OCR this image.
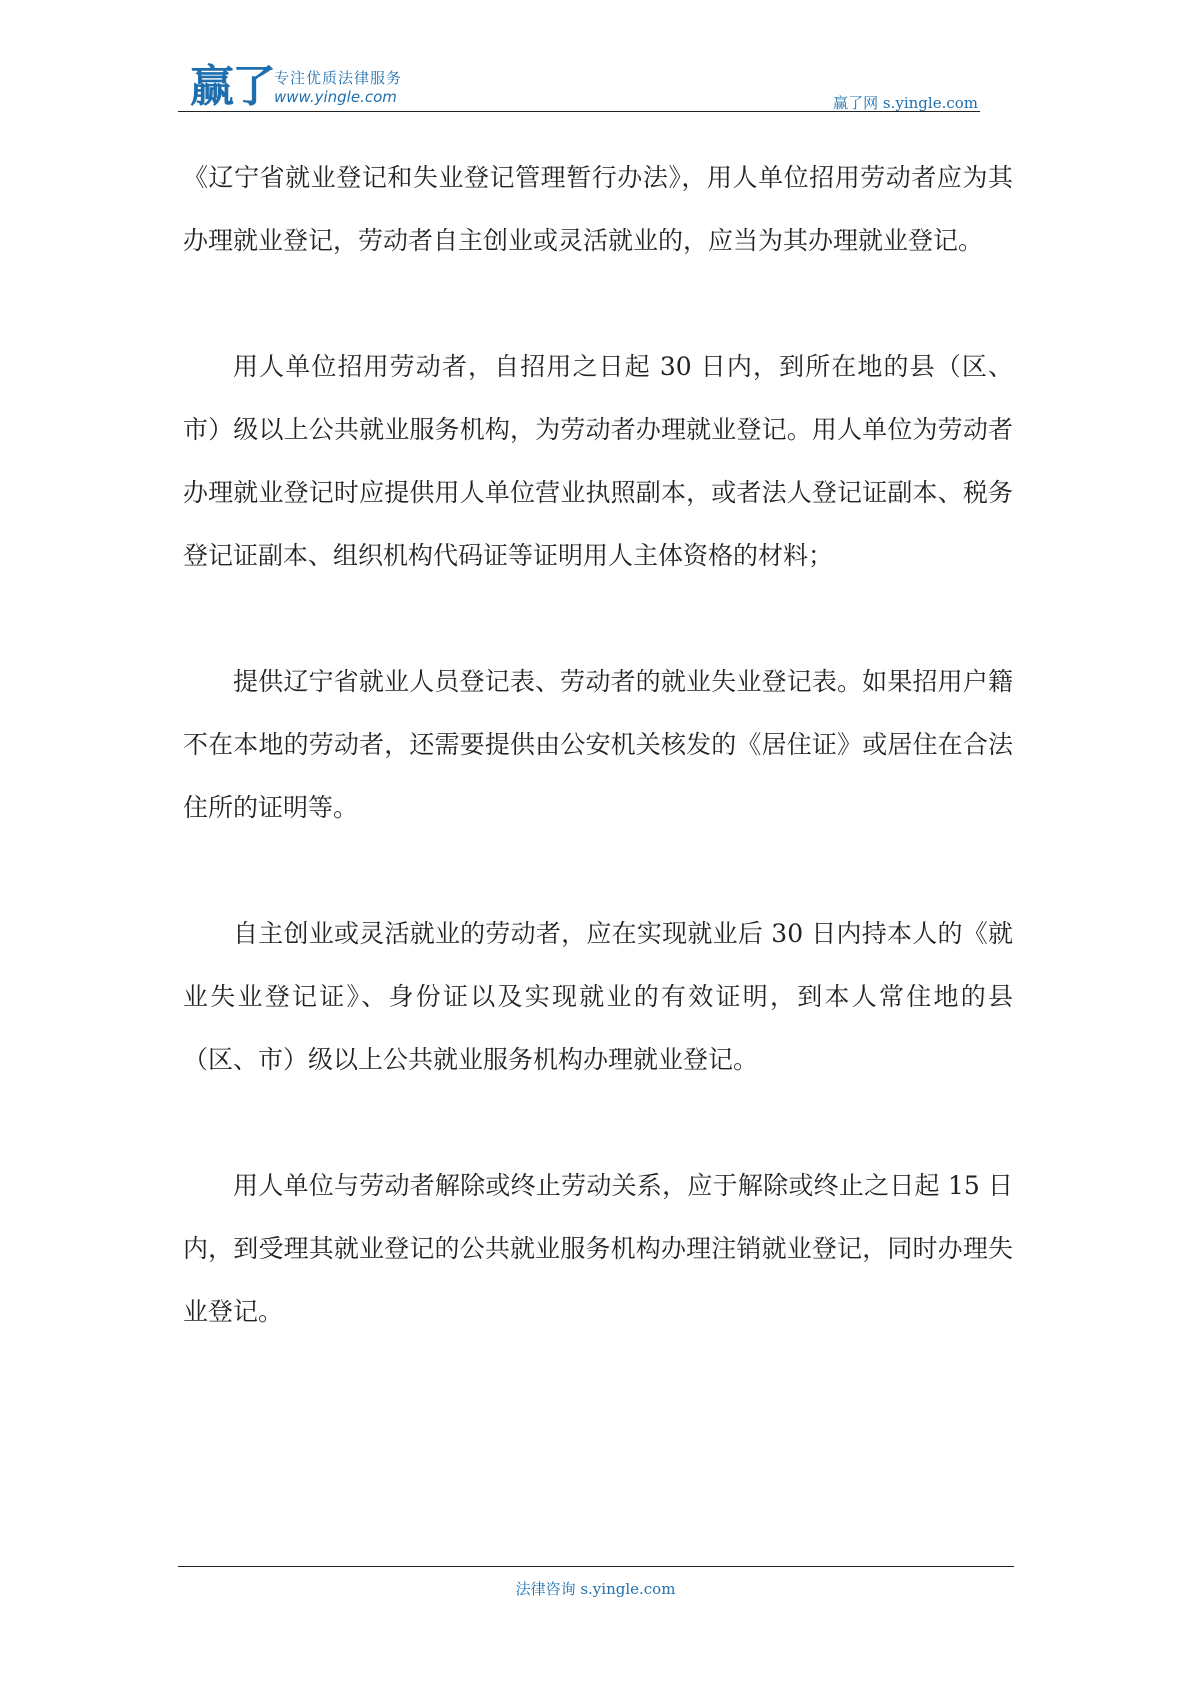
赢了 专注优质法律服务
www.yingle.com	赢了网 s.yingle.com

《辽宁省就业登记和失业登记管理暂行办法》，用人单位招用劳动者应为其办理就业登记，劳动者自主创业或灵活就业的，应当为其办理就业登记。

用人单位招用劳动者，自招用之日起 30 日内，到所在地的县（区、市）级以上公共就业服务机构，为劳动者办理就业登记。用人单位为劳动者办理就业登记时应提供用人单位营业执照副本，或者法人登记证副本、税务登记证副本、组织机构代码证等证明用人主体资格的材料；

提供辽宁省就业人员登记表、劳动者的就业失业登记表。如果招用户籍不在本地的劳动者，还需要提供由公安机关核发的《居住证》或居住在合法住所的证明等。

自主创业或灵活就业的劳动者，应在实现就业后 30 日内持本人的《就业失业登记证》、身份证以及实现就业的有效证明，到本人常住地的县（区、市）级以上公共就业服务机构办理就业登记。

用人单位与劳动者解除或终止劳动关系，应于解除或终止之日起 15 日内，到受理其就业登记的公共就业服务机构办理注销就业登记，同时办理失业登记。

法律咨询 s.yingle.com
